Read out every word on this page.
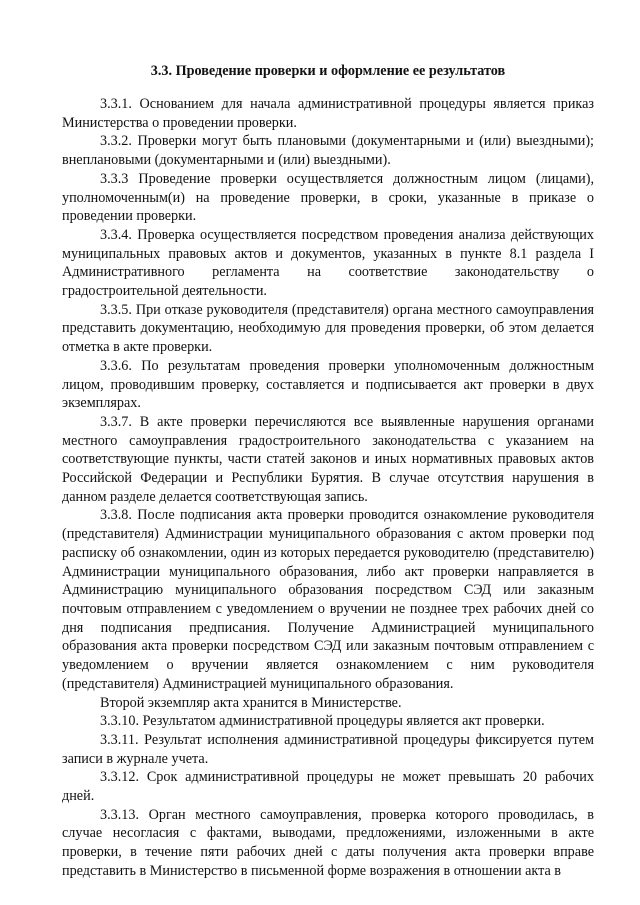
3.3. Проведение проверки и оформление ее результатов

3.3.1. Основанием для начала административной процедуры является приказ Министерства о проведении проверки.

3.3.2. Проверки могут быть плановыми (документарными и (или) выездными); внеплановыми (документарными и (или) выездными).

3.3.3 Проведение проверки осуществляется должностным лицом (лицами), уполномоченным(и) на проведение проверки, в сроки, указанные в приказе о проведении проверки.

3.3.4. Проверка осуществляется посредством проведения анализа действующих муниципальных правовых актов и документов, указанных в пункте 8.1 раздела I Административного регламента на соответствие законодательству о градостроительной деятельности.

3.3.5. При отказе руководителя (представителя) органа местного самоуправления представить документацию, необходимую для проведения проверки, об этом делается отметка в акте проверки.

3.3.6. По результатам проведения проверки уполномоченным должностным лицом, проводившим проверку, составляется и подписывается акт проверки в двух экземплярах.

3.3.7. В акте проверки перечисляются все выявленные нарушения органами местного самоуправления градостроительного законодательства с указанием на соответствующие пункты, части статей законов и иных нормативных правовых актов Российской Федерации и Республики Бурятия. В случае отсутствия нарушения в данном разделе делается соответствующая запись.

3.3.8. После подписания акта проверки проводится ознакомление руководителя (представителя) Администрации муниципального образования с актом проверки под расписку об ознакомлении, один из которых передается руководителю (представителю) Администрации муниципального образования, либо акт проверки направляется в Администрацию муниципального образования посредством СЭД или заказным почтовым отправлением с уведомлением о вручении не позднее трех рабочих дней со дня подписания предписания. Получение Администрацией муниципального образования акта проверки посредством СЭД или заказным почтовым отправлением с уведомлением о вручении является ознакомлением с ним руководителя (представителя) Администрацией муниципального образования.

Второй экземпляр акта хранится в Министерстве.

3.3.10. Результатом административной процедуры является акт проверки.

3.3.11. Результат исполнения административной процедуры фиксируется путем записи в журнале учета.

3.3.12. Срок административной процедуры не может превышать 20 рабочих дней.

3.3.13. Орган местного самоуправления, проверка которого проводилась, в случае несогласия с фактами, выводами, предложениями, изложенными в акте проверки, в течение пяти рабочих дней с даты получения акта проверки вправе представить в Министерство в письменной форме возражения в отношении акта в
